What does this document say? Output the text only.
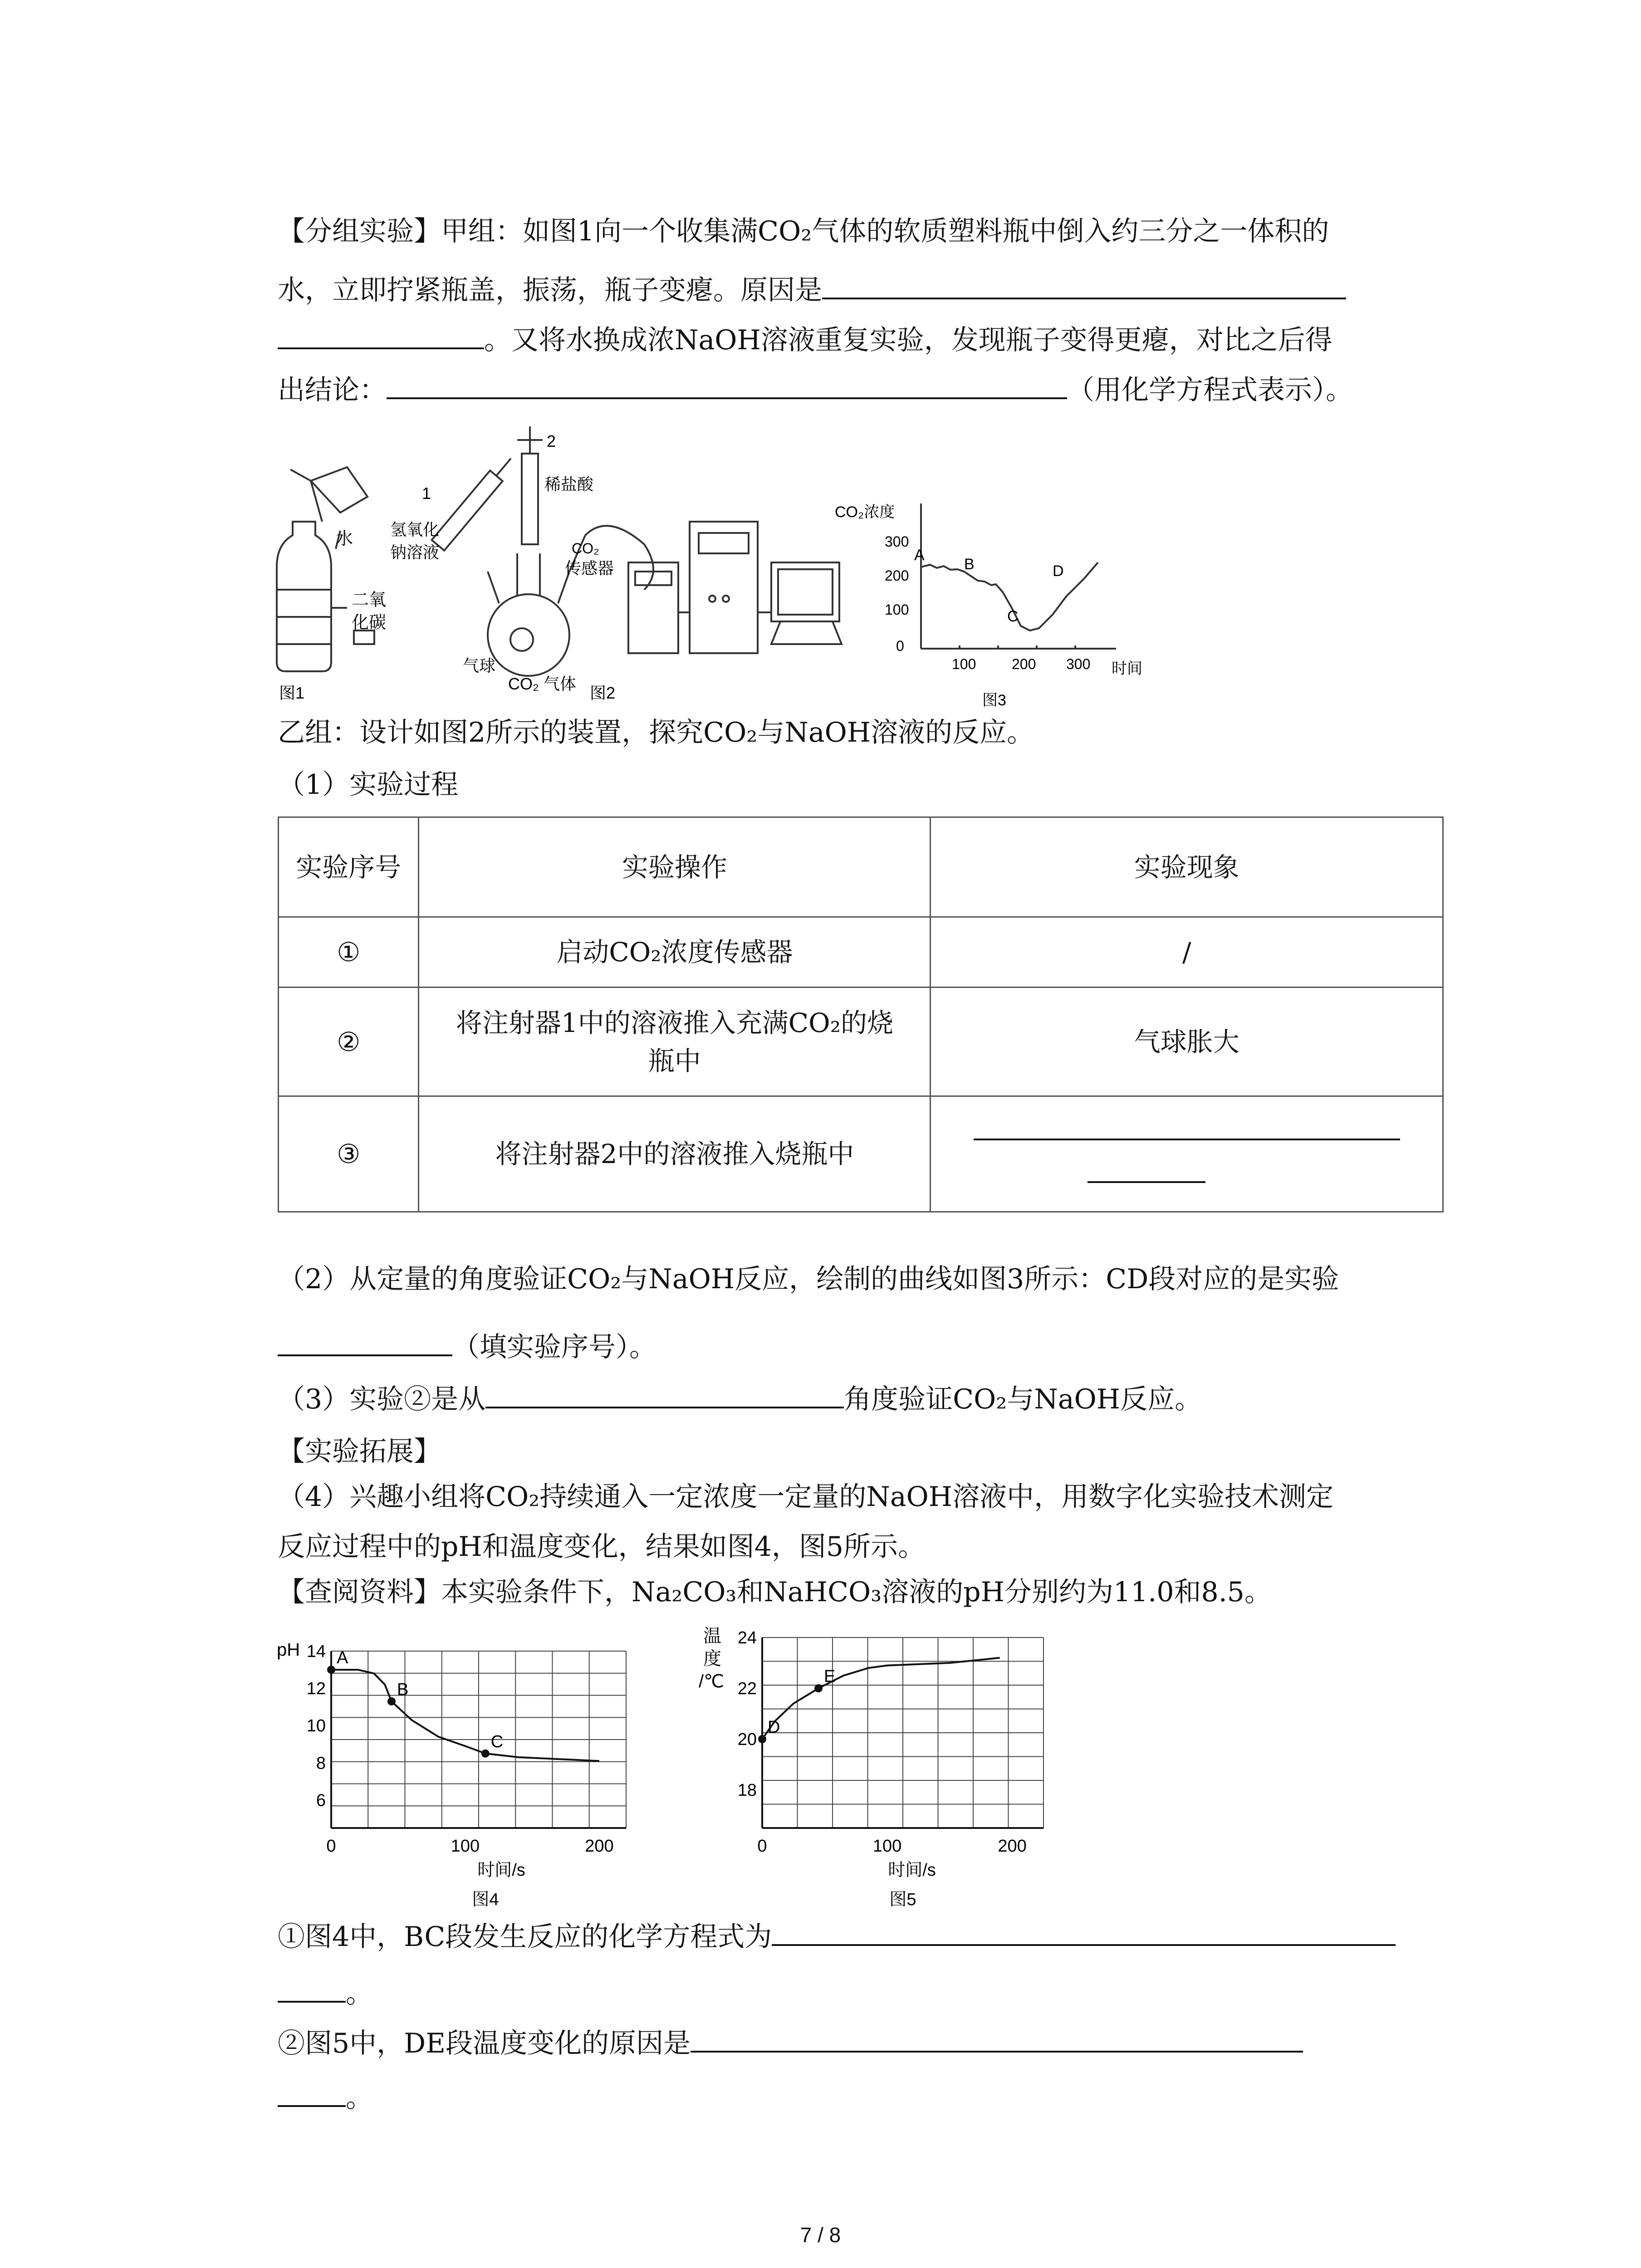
【分组实验】甲组：如图1向一个收集满CO₂气体的软质塑料瓶中倒入约三分之一体积的
水，立即拧紧瓶盖，振荡，瓶子变瘪。原因是
。又将水换成浓NaOH溶液重复实验，发现瓶子变得更瘪，对比之后得
出结论：	（用化学方程式表示）。
水
二氧
化碳
图1
2
1	稀盐酸
氢氧化
钠溶液	CO₂
传感器
气球
CO₂ 气体 图2
CO₂浓度
300
200
100
0
100 200 300 时间
A
B
C
D
图3
乙组：设计如图2所示的装置，探究CO₂与NaOH溶液的反应。
（1）实验过程
实验序号	实验操作	实验现象
①	启动CO₂浓度传感器	/
②	将注射器1中的溶液推入充满CO₂的烧瓶中	气球胀大
③	将注射器2中的溶液推入烧瓶中	
（2）从定量的角度验证CO₂与NaOH反应，绘制的曲线如图3所示：CD段对应的是实验
（填实验序号）。
（3）实验②是从	角度验证CO₂与NaOH反应。
【实验拓展】
（4）兴趣小组将CO₂持续通入一定浓度一定量的NaOH溶液中，用数字化实验技术测定
反应过程中的pH和温度变化，结果如图4，图5所示。
【查阅资料】本实验条件下，Na₂CO₃和NaHCO₃溶液的pH分别约为11.0和8.5。
0	100	200
6
8
10
12
14 A
B
C
pH
时间/s
图4
0	100	200
18
20
22
24
D
E
温
度
/℃
时间/s
图5
①图4中，BC段发生反应的化学方程式为
。
②图5中，DE段温度变化的原因是
。
7 / 8
